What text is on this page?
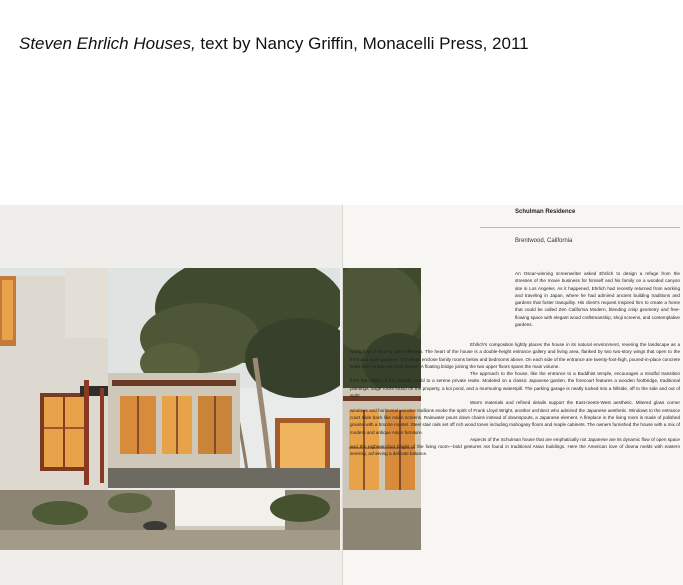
Steven Ehrlich Houses, text by Nancy Griffin, Monacelli Press, 2011
Schulman Residence
Brentwood, California

An Oscar-winning screenwriter asked Ehrlich to design a refuge from the stresses of the movie business for himself and his family on a wooded canyon site in Los Angeles. As it happened, Ehrlich had recently returned from working and traveling in Japan, where he had admired ancient building traditions and gardens that foster tranquility. His client's request inspired him to create a home that could be called Zen California Modern, blending crisp geometry and free-flowing space with elegant wood craftsmanship, shoji screens, and contemplative gardens.

Ehrlich's composition lightly places the house in its natural environment, revering the landscape as a wellspring of healing and reflection. The heart of the house is a double-height entrance gallery and living area, flanked by two two-story wings that open to the front and back gardens. The wings enclose family rooms below and bedrooms above. On each side of the entrance are twenty-foot-high, poured-in-place concrete walls that contain two stair towers. A floating bridge joining the two upper floors spans the main volume.

The approach to the house, like the entrance to a Buddhist temple, encourages a mindful transition from the chaos of the outside world to a serene private realm. Modeled on a classic Japanese garden, the forecourt features a wooden footbridge, traditional plantings, large rocks found on the property, a koi pond, and a murmuring waterspill. The parking garage is neatly tucked into a hillside, off to the side and out of sight.

Warm materials and refined details support the East-meets-West aesthetic. Mitered glass corner windows and horizontal wooden mullions evoke the spirit of Frank Lloyd Wright, another architect who admired the Japanese aesthetic. Windows to the entrance court slide back like Asian screens. Rainwater pours down chains instead of downspouts, a Japanese element. A fireplace in the living room is made of polished granite with a bronze mantel. Steel stair rails set off rich wood tones including mahogany floors and maple cabinets. The owners furnished the house with a mix of modern and antique Asian furniture.

Aspects of the Schulman house that are emphatically not Japanese are its dynamic flow of open space and the eighteen-foot height of the living room—bold gestures not found in traditional Asian buildings. Here the American love of drama melds with eastern serenity, achieving a delicate balance.
